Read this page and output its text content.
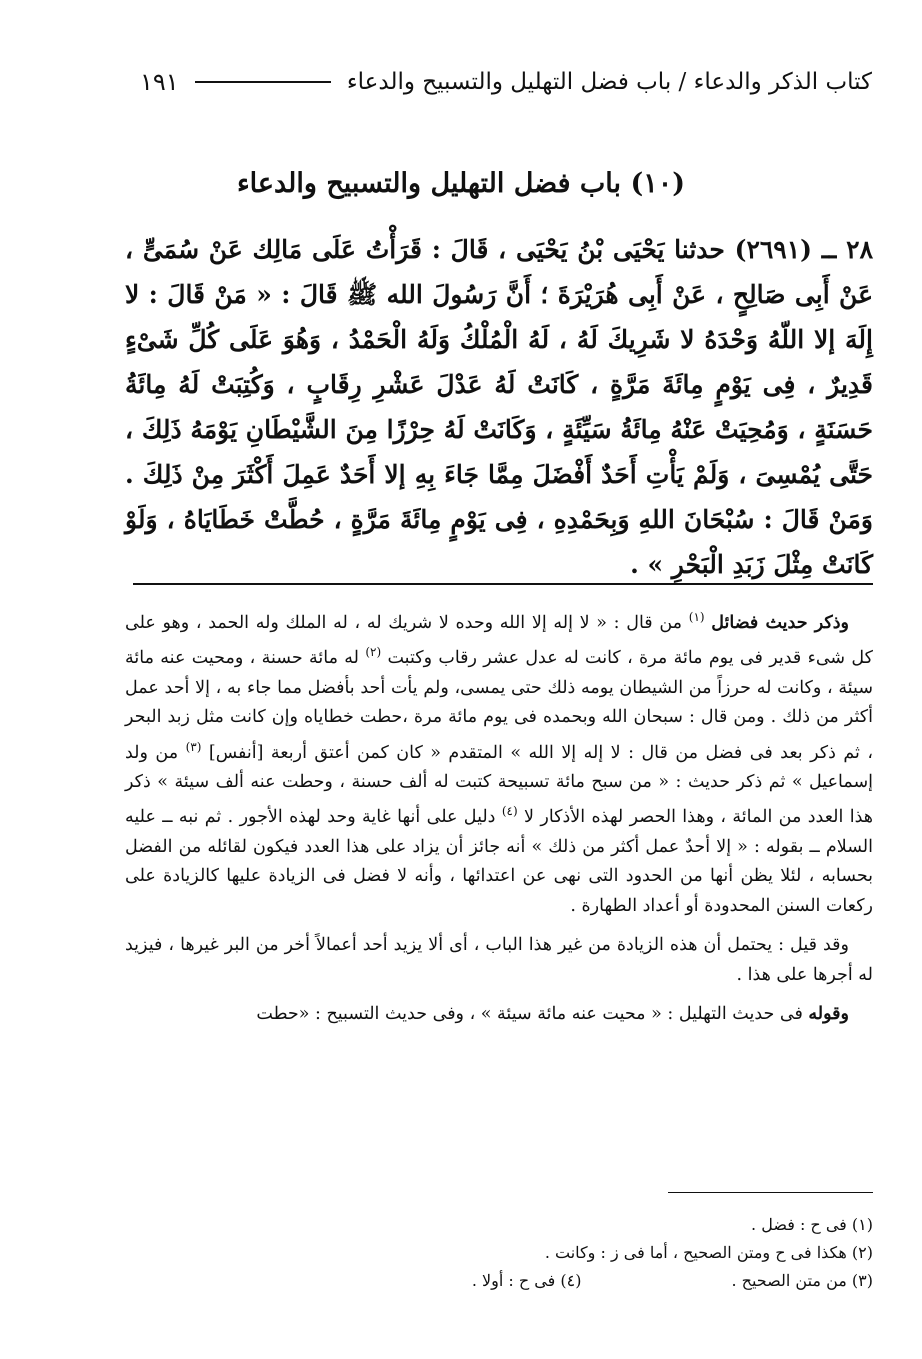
كتاب الذكر والدعاء / باب فضل التهليل والتسبيح والدعاء
١٩١
(١٠) باب فضل التهليل والتسبيح والدعاء
٢٨ ــ (٢٦٩١) حدثنا يَحْيَى بْنُ يَحْيَى ، قَالَ : قَرَأْتُ عَلَى مَالِك عَنْ سُمَىٍّ ، عَنْ أَبِى صَالِحٍ ، عَنْ أَبِى هُرَيْرَةَ ؛ أَنَّ رَسُولَ الله ﷺ قَالَ : « مَنْ قَالَ : لا إِلَهَ إلا اللّهُ وَحْدَهُ لا شَرِيكَ لَهُ ، لَهُ الْمُلْكُ وَلَهُ الْحَمْدُ ، وَهُوَ عَلَى كُلِّ شَىْءٍ قَدِيرٌ ، فِى يَوْمٍ مِائَةَ مَرَّةٍ ، كَانَتْ لَهُ عَدْلَ عَشْرِ رِقَابٍ ، وَكُتِبَتْ لَهُ مِائَةُ حَسَنَةٍ ، وَمُحِيَتْ عَنْهُ مِائَةُ سَيِّئَةٍ ، وَكَانَتْ لَهُ حِرْزًا مِنَ الشَّيْطَانِ يَوْمَهُ ذَلِكَ ، حَتَّى يُمْسِىَ ، وَلَمْ يَأْتِ أَحَدٌ أَفْضَلَ مِمَّا جَاءَ بِهِ إلا أَحَدٌ عَمِلَ أَكْثَرَ مِنْ ذَلِكَ . وَمَنْ قَالَ : سُبْحَانَ اللهِ وَبِحَمْدِهِ ، فِى يَوْمٍ مِائَةَ مَرَّةٍ ، حُطَّتْ خَطَايَاهُ ، وَلَوْ كَانَتْ مِثْلَ زَبَدِ الْبَحْرِ » .

وذكر حديث فضائل $^{(١)}$ من قال : « لا إله إلا الله وحده لا شريك له ، له الملك وله الحمد ، وهو على كل شىء قدير فى يوم مائة مرة ، كانت له عدل عشر رقاب وكتبت $^{(٢)}$ له مائة حسنة ، ومحيت عنه مائة سيئة ، وكانت له حرزاً من الشيطان يومه ذلك حتى يمسى، ولم يأت أحد بأفضل مما جاء به ، إلا أحد عمل أكثر من ذلك . ومن قال : سبحان الله وبحمده فى يوم مائة مرة ،حطت خطاياه وإن كانت مثل زبد البحر ، ثم ذكر بعد فى فضل من قال : لا إله إلا الله » المتقدم « كان كمن أعتق أربعة [أنفس] $^{(٣)}$ من ولد إسماعيل » ثم ذكر حديث : « من سبح مائة تسبيحة كتبت له ألف حسنة ، وحطت عنه ألف سيئة » ذكر هذا العدد من المائة ، وهذا الحصر لهذه الأذكار لا $^{(٤)}$ دليل على أنها غاية وحد لهذه الأجور . ثم نبه ــ عليه السلام ــ بقوله : « إلا أحدٌ عمل أكثر من ذلك » أنه جائز أن يزاد على هذا العدد فيكون لقائله من الفضل بحسابه ، لئلا يظن أنها من الحدود التى نهى عن اعتدائها ، وأنه لا فضل فى الزيادة عليها كالزيادة على ركعات السنن المحدودة أو أعداد الطهارة .

وقد قيل : يحتمل أن هذه الزيادة من غير هذا الباب ، أى ألا يزيد أحد أعمالاً أخر من البر غيرها ، فيزيد له أجرها على هذا .

وقوله فى حديث التهليل : « محيت عنه مائة سيئة » ، وفى حديث التسبيح : «حطت

(١) فى ح : فضل .
(٢) هكذا فى ح ومتن الصحيح ، أما فى ز : وكانت .
(٣) من متن الصحيح .
(٤) فى ح : أولا .
